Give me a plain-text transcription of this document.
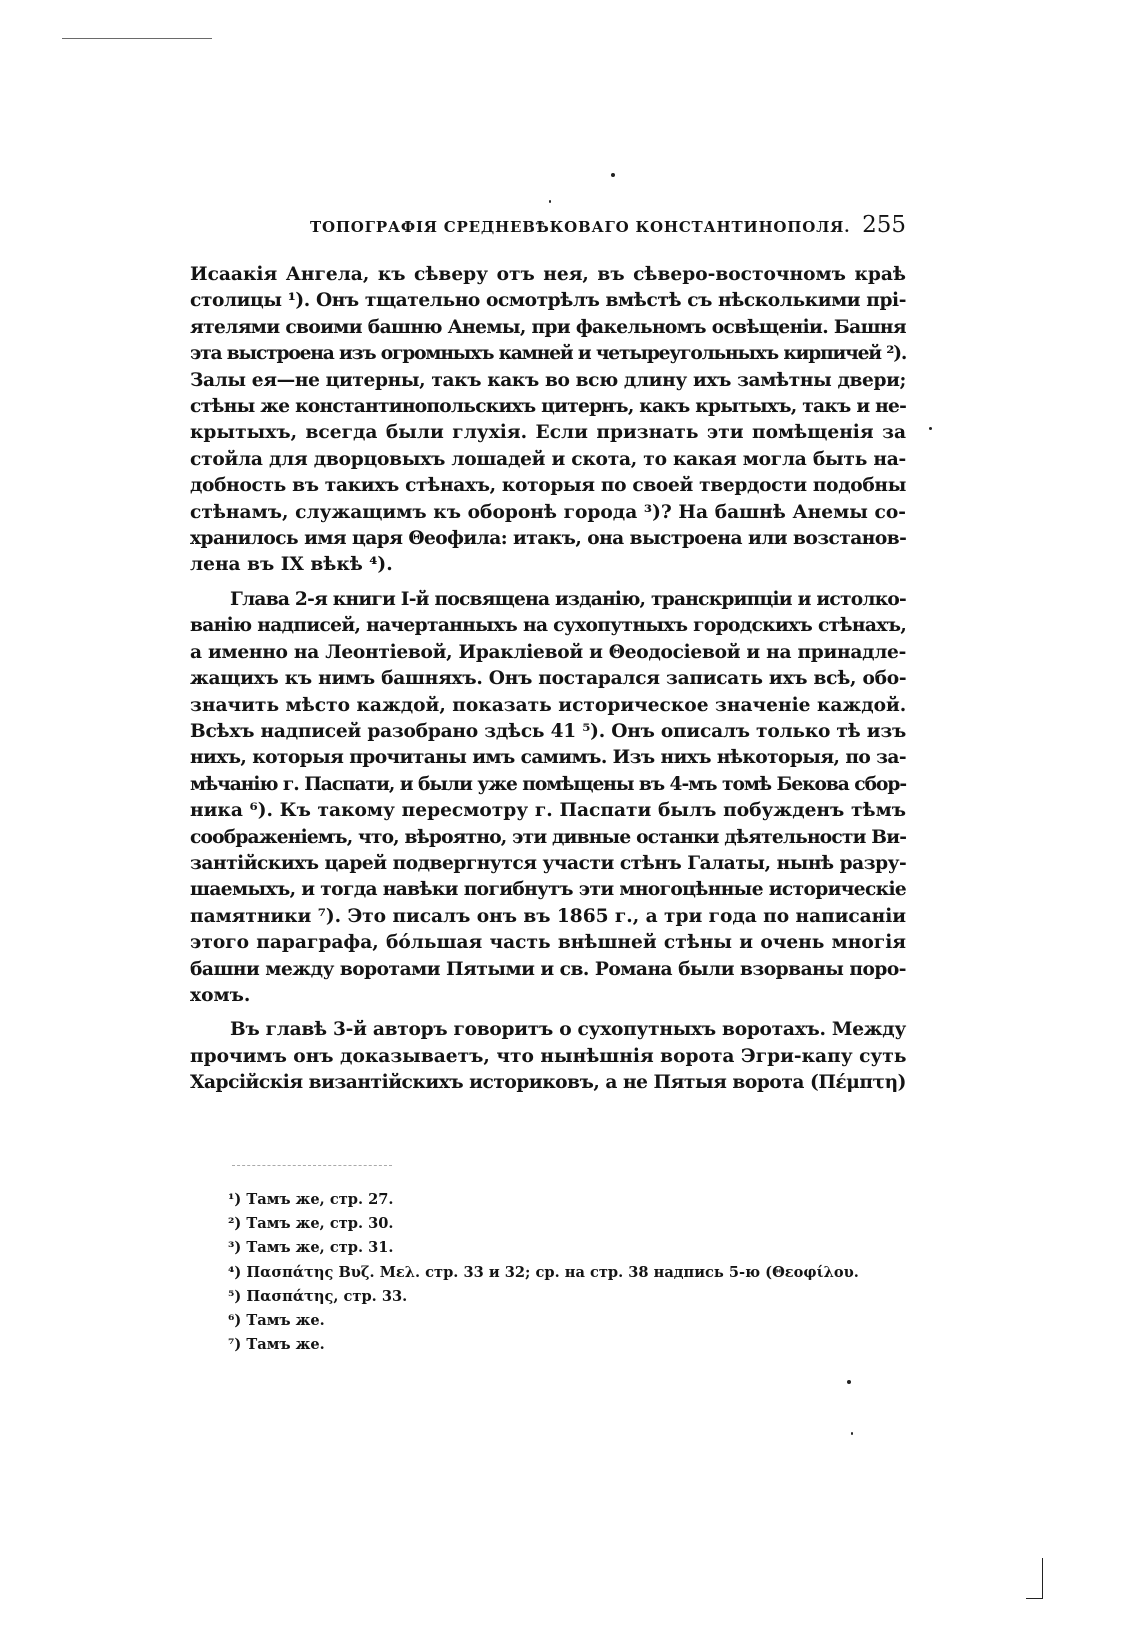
ТОПОГРАФІЯ СРЕДНЕВѢКОВАГО КОНСТАНТИНОПОЛЯ. 255
Исаакія Ангела, къ сѣверу отъ нея, въ сѣверо-восточномъ краѣ
столицы ¹). Онъ тщательно осмотрѣлъ вмѣстѣ съ нѣсколькими прі-
ятелями своими башню Анемы, при факельномъ освѣщеніи. Башня
эта выстроена изъ огромныхъ камней и четыреугольныхъ кирпичей ²).
Залы ея—не цитерны, такъ какъ во всю длину ихъ замѣтны двери;
стѣны же константинопольскихъ цитернъ, какъ крытыхъ, такъ и не-
крытыхъ, всегда были глухія. Если признать эти помѣщенія за
стойла для дворцовыхъ лошадей и скота, то какая могла быть на-
добность въ такихъ стѣнахъ, которыя по своей твердости подобны
стѣнамъ, служащимъ къ оборонѣ города ³)? На башнѣ Анемы со-
хранилось имя царя Θеофила: итакъ, она выстроена или возстанов-
лена въ IX вѣкѣ ⁴).
Глава 2-я книги I-й посвящена изданію, транскрипціи и истолко-
ванію надписей, начертанныхъ на сухопутныхъ городскихъ стѣнахъ,
а именно на Леонтіевой, Иракліевой и Θеодосіевой и на принадле-
жащихъ къ нимъ башняхъ. Онъ постарался записать ихъ всѣ, обо-
значить мѣсто каждой, показать историческое значеніе каждой.
Всѣхъ надписей разобрано здѣсь 41 ⁵). Онъ описалъ только тѣ изъ
нихъ, которыя прочитаны имъ самимъ. Изъ нихъ нѣкоторыя, по за-
мѣчанію г. Паспати, и были уже помѣщены въ 4-мъ томѣ Бекова сбор-
ника ⁶). Къ такому пересмотру г. Паспати былъ побужденъ тѣмъ
соображеніемъ, что, вѣроятно, эти дивные останки дѣятельности Ви-
зантійскихъ царей подвергнутся участи стѣнъ Галаты, нынѣ разру-
шаемыхъ, и тогда навѣки погибнутъ эти многоцѣнные историческіе
памятники ⁷). Это писалъ онъ въ 1865 г., а три года по написаніи
этого параграфа, бо́льшая часть внѣшней стѣны и очень многія
башни между воротами Пятыми и св. Романа были взорваны поро-
хомъ.
Въ главѣ 3-й авторъ говоритъ о сухопутныхъ воротахъ. Между
прочимъ онъ доказываетъ, что нынѣшнія ворота Эгри-капу суть
Харсійскія византійскихъ историковъ, а не Пятыя ворота (Πέμπτη)
¹) Тамъ же, стр. 27.
²) Тамъ же, стр. 30.
³) Тамъ же, стр. 31.
⁴) Πασπάτης Βυζ. Μελ. стр. 33 и 32; ср. на стр. 38 надпись 5-ю (Θεοφίλου.
⁵) Πασπάτης, стр. 33.
⁶) Тамъ же.
⁷) Тамъ же.
